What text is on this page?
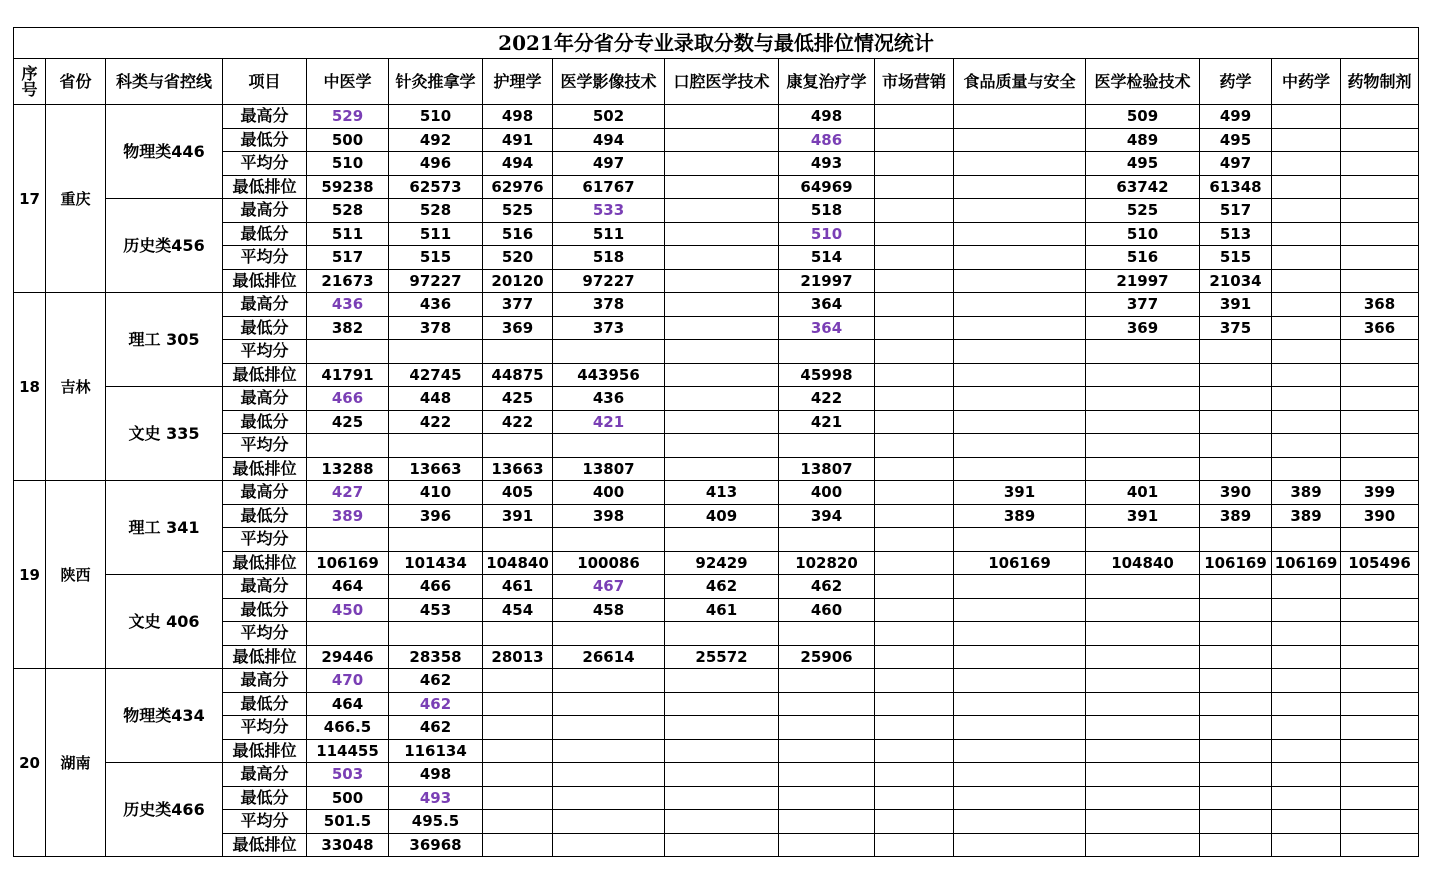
2021年分省分专业录取分数与最低排位情况统计															
序号	省份	科类与省控线	项目	中医学	针灸推拿学	护理学	医学影像技术	口腔医学技术	康复治疗学	市场营销	食品质量与安全	医学检验技术	药学	中药学	药物制剂
17	重庆	物理类446	最高分	529	510	498	502		498			509	499		
			最低分	500	492	491	494		486			489	495		
			平均分	510	496	494	497		493			495	497		
			最低排位	59238	62573	62976	61767		64969			63742	61348		
		历史类456	最高分	528	528	525	533		518			525	517		
			最低分	511	511	516	511		510			510	513		
			平均分	517	515	520	518		514			516	515		
			最低排位	21673	97227	20120	97227		21997			21997	21034		
18	吉林	理工 305	最高分	436	436	377	378		364			377	391		368
			最低分	382	378	369	373		364			369	375		366
			平均分												
			最低排位	41791	42745	44875	443956		45998						
		文史 335	最高分	466	448	425	436		422						
			最低分	425	422	422	421		421						
			平均分												
			最低排位	13288	13663	13663	13807		13807						
19	陕西	理工 341	最高分	427	410	405	400	413	400		391	401	390	389	399
			最低分	389	396	391	398	409	394		389	391	389	389	390
			平均分												
			最低排位	106169	101434	104840	100086	92429	102820		106169	104840	106169	106169	105496
		文史 406	最高分	464	466	461	467	462	462						
			最低分	450	453	454	458	461	460						
			平均分												
			最低排位	29446	28358	28013	26614	25572	25906						
20	湖南	物理类434	最高分	470	462										
			最低分	464	462										
			平均分	466.5	462										
			最低排位	114455	116134										
		历史类466	最高分	503	498										
			最低分	500	493										
			平均分	501.5	495.5										
			最低排位	33048	36968										
